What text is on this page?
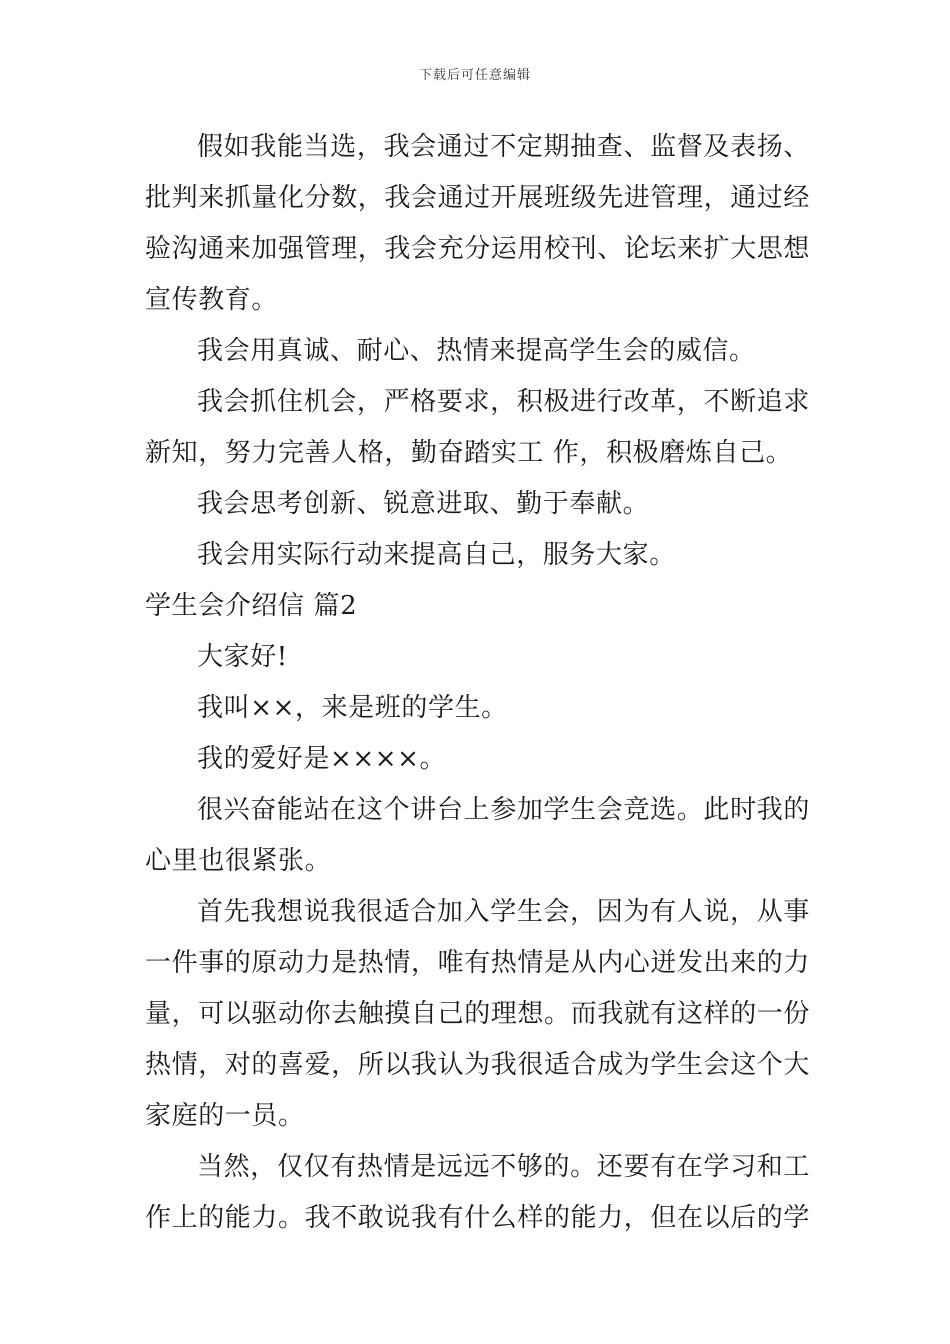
下载后可任意编辑

假如我能当选，我会通过不定期抽查、监督及表扬、批判来抓量化分数，我会通过开展班级先进管理，通过经验沟通来加强管理，我会充分运用校刊、论坛来扩大思想宣传教育。

我会用真诚、耐心、热情来提高学生会的威信。

我会抓住机会，严格要求，积极进行改革，不断追求新知，努力完善人格，勤奋踏实工 作，积极磨炼自己。

我会思考创新、锐意进取、勤于奉献。

我会用实际行动来提高自己，服务大家。

学生会介绍信 篇2

大家好!

我叫××，来是班的学生。

我的爱好是××××。

很兴奋能站在这个讲台上参加学生会竞选。此时我的心里也很紧张。

首先我想说我很适合加入学生会，因为有人说，从事一件事的原动力是热情，唯有热情是从内心迸发出来的力量，可以驱动你去触摸自己的理想。而我就有这样的一份热情，对的喜爱，所以我认为我很适合成为学生会这个大家庭的一员。

当然，仅仅有热情是远远不够的。还要有在学习和工作上的能力。我不敢说我有什么样的能力，但在以后的学
